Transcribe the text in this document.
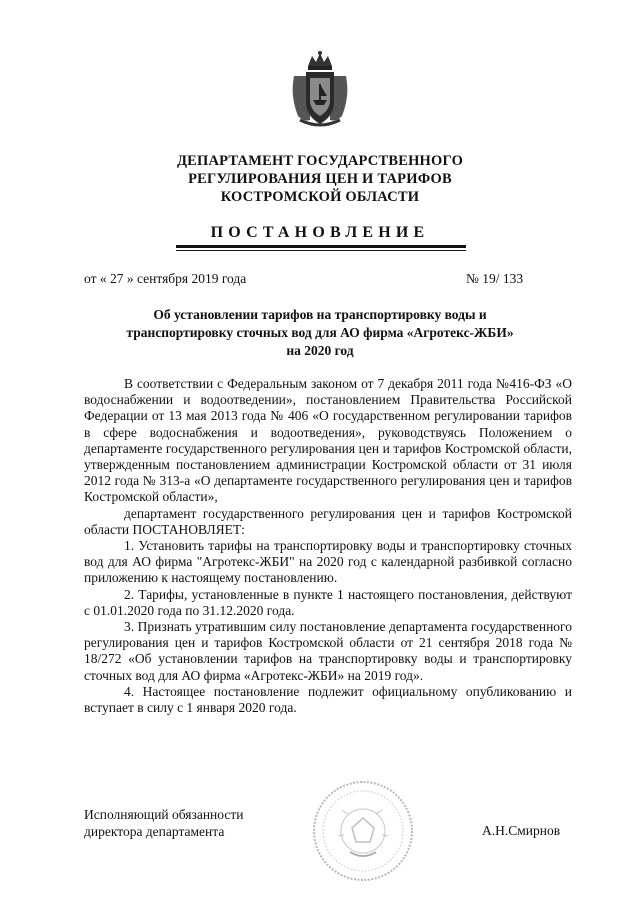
ДЕПАРТАМЕНТ ГОСУДАРСТВЕННОГО
РЕГУЛИРОВАНИЯ ЦЕН И ТАРИФОВ
КОСТРОМСКОЙ ОБЛАСТИ
ПОСТАНОВЛЕНИЕ
от « 27 » сентября 2019 года	№ 19/ 133
Об установлении тарифов на транспортировку воды и
транспортировку сточных вод для АО фирма «Агротекс-ЖБИ»
на 2020 год

В соответствии с Федеральным законом от 7 декабря 2011 года №416-ФЗ «О водоснабжении и водоотведении», постановлением Правительства Российской Федерации от 13 мая 2013 года № 406 «О государственном регулировании тарифов в сфере водоснабжения и водоотведения», руководствуясь Положением о департаменте государственного регулирования цен и тарифов Костромской области, утвержденным постановлением администрации Костромской области от 31 июля 2012 года № 313-а «О департаменте государственного регулирования цен и тарифов Костромской области»,

департамент государственного регулирования цен и тарифов Костромской области ПОСТАНОВЛЯЕТ:

1. Установить тарифы на транспортировку воды и транспортировку сточных вод для АО фирма "Агротекс-ЖБИ" на 2020 год с календарной разбивкой согласно приложению к настоящему постановлению.

2. Тарифы, установленные в пункте 1 настоящего постановления, действуют с 01.01.2020 года по 31.12.2020 года.

3. Признать утратившим силу постановление департамента государственного регулирования цен и тарифов Костромской области от 21 сентября 2018 года № 18/272 «Об установлении тарифов на транспортировку воды и транспортировку сточных вод для АО фирма «Агротекс-ЖБИ» на 2019 год».

4. Настоящее постановление подлежит официальному опубликованию и вступает в силу с 1 января 2020 года.

Исполняющий обязанности
директора департамента	А.Н.Смирнов
